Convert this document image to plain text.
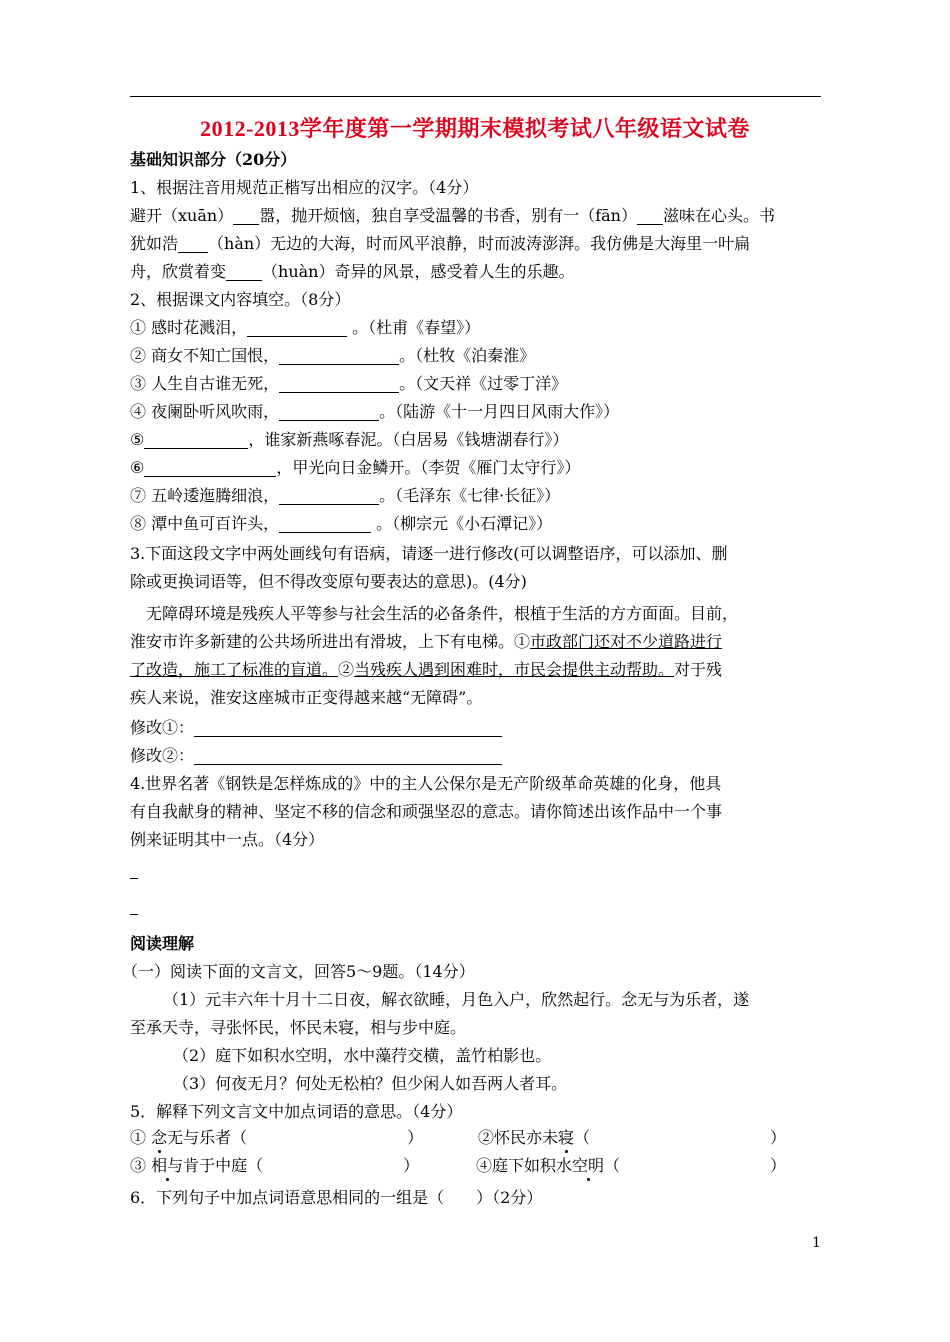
2012-2013学年度第一学期期末模拟考试八年级语文试卷
基础知识部分（20分）
1、根据注音用规范正楷写出相应的汉字。（4分）
避开（xuān） 嚣，抛开烦恼，独自享受温馨的书香，别有一（fān） 滋味在心头。书
犹如浩 （hàn）无边的大海，时而风平浪静，时而波涛澎湃。我仿佛是大海里一叶扁
舟，欣赏着变 （huàn）奇异的风景，感受着人生的乐趣。
2、根据课文内容填空。（8分）
① 感时花溅泪，	。（杜甫《春望》）
② 商女不知亡国恨，	。（杜牧《泊秦淮》
③ 人生自古谁无死，	。（文天祥《过零丁洋》
④ 夜阑卧听风吹雨，	。（陆游《十一月四日风雨大作》）
⑤	，谁家新燕啄春泥。（白居易《钱塘湖春行》）
⑥	，甲光向日金鳞开。（李贺《雁门太守行》）
⑦ 五岭逶迤腾细浪，	。（毛泽东《七律·长征》）
⑧ 潭中鱼可百许头，	。（柳宗元《小石潭记》）
3.下面这段文字中两处画线句有语病，请逐一进行修改(可以调整语序，可以添加、删
除或更换词语等，但不得改变原句要表达的意思)。(4分)
无障碍环境是残疾人平等参与社会生活的必备条件，根植于生活的方方面面。目前，
淮安市许多新建的公共场所进出有滑坡，上下有电梯。①市政部门还对不少道路进行
了改造，施工了标准的盲道。②当残疾人遇到困难时，市民会提供主动帮助。对于残
疾人来说，淮安这座城市正变得越来越“无障碍”。
修改①：
修改②：
4.世界名著《钢铁是怎样炼成的》中的主人公保尔是无产阶级革命英雄的化身，他具
有自我献身的精神、坚定不移的信念和顽强坚忍的意志。请你简述出该作品中一个事
例来证明其中一点。（4分）
阅读理解
（一）阅读下面的文言文，回答5～9题。（14分）
（1）元丰六年十月十二日夜，解衣欲睡，月色入户，欣然起行。念无与为乐者，遂
至承天寺，寻张怀民，怀民未寝，相与步中庭。
（2）庭下如积水空明，水中藻荇交横，盖竹柏影也。
（3）何夜无月？何处无松柏？但少闲人如吾两人者耳。
5．解释下列文言文中加点词语的意思。（4分）
① 念无与乐者（	）	②怀民亦未寝（	）
③ 相与肯于中庭（	）	④庭下如积水空明（	）
6．下列句子中加点词语意思相同的一组是（　　）（2分）
1
